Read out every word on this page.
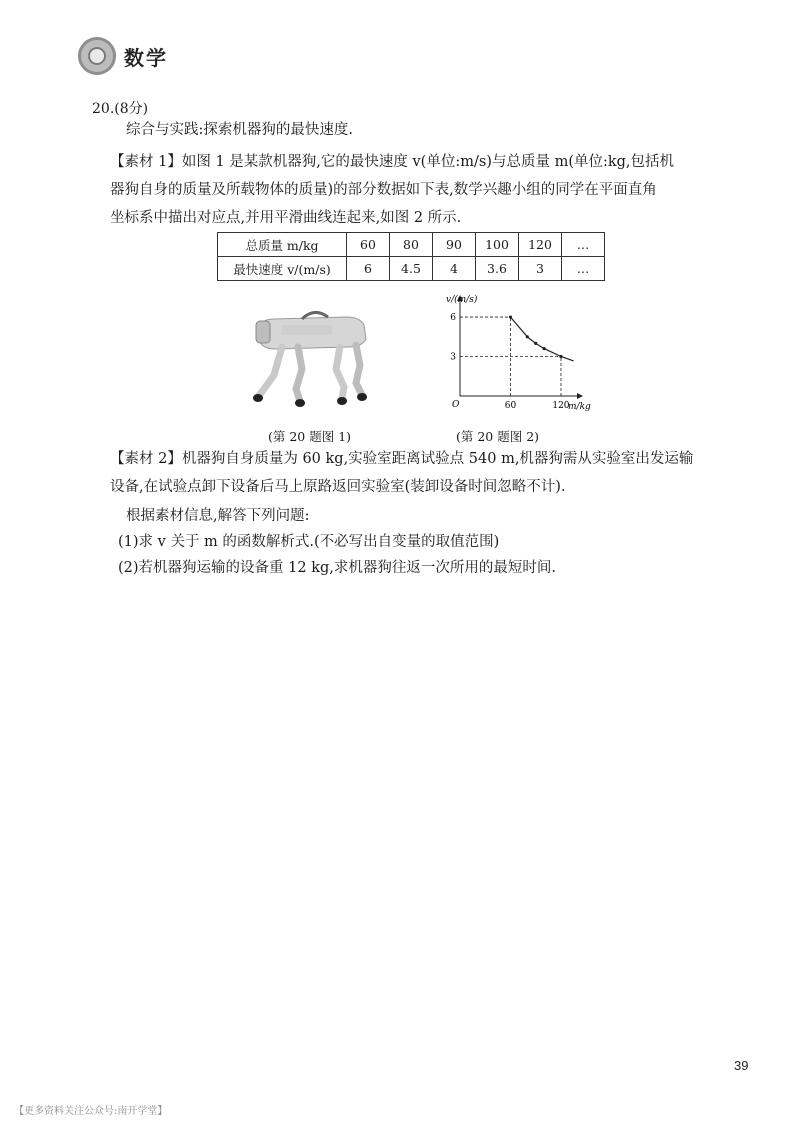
数学
20.(8分)
综合与实践:探索机器狗的最快速度.
【素材 1】如图 1 是某款机器狗,它的最快速度 v(单位:m/s)与总质量 m(单位:kg,包括机
器狗自身的质量及所载物体的质量)的部分数据如下表,数学兴趣小组的同学在平面直角
坐标系中描出对应点,并用平滑曲线连起来,如图 2 所示.
总质量 m/kg	60	80	90	100	120	…
最快速度 v/(m/s)	6	4.5	4	3.6	3	…
v/(m/s)
m/kg
O	60	120
6
3
(第 20 题图 1)	(第 20 题图 2)
【素材 2】机器狗自身质量为 60 kg,实验室距离试验点 540 m,机器狗需从实验室出发运输
设备,在试验点卸下设备后马上原路返回实验室(装卸设备时间忽略不计).
根据素材信息,解答下列问题:
(1)求 v 关于 m 的函数解析式.(不必写出自变量的取值范围)
(2)若机器狗运输的设备重 12 kg,求机器狗往返一次所用的最短时间.
39
【更多资料关注公众号:南开学堂】
